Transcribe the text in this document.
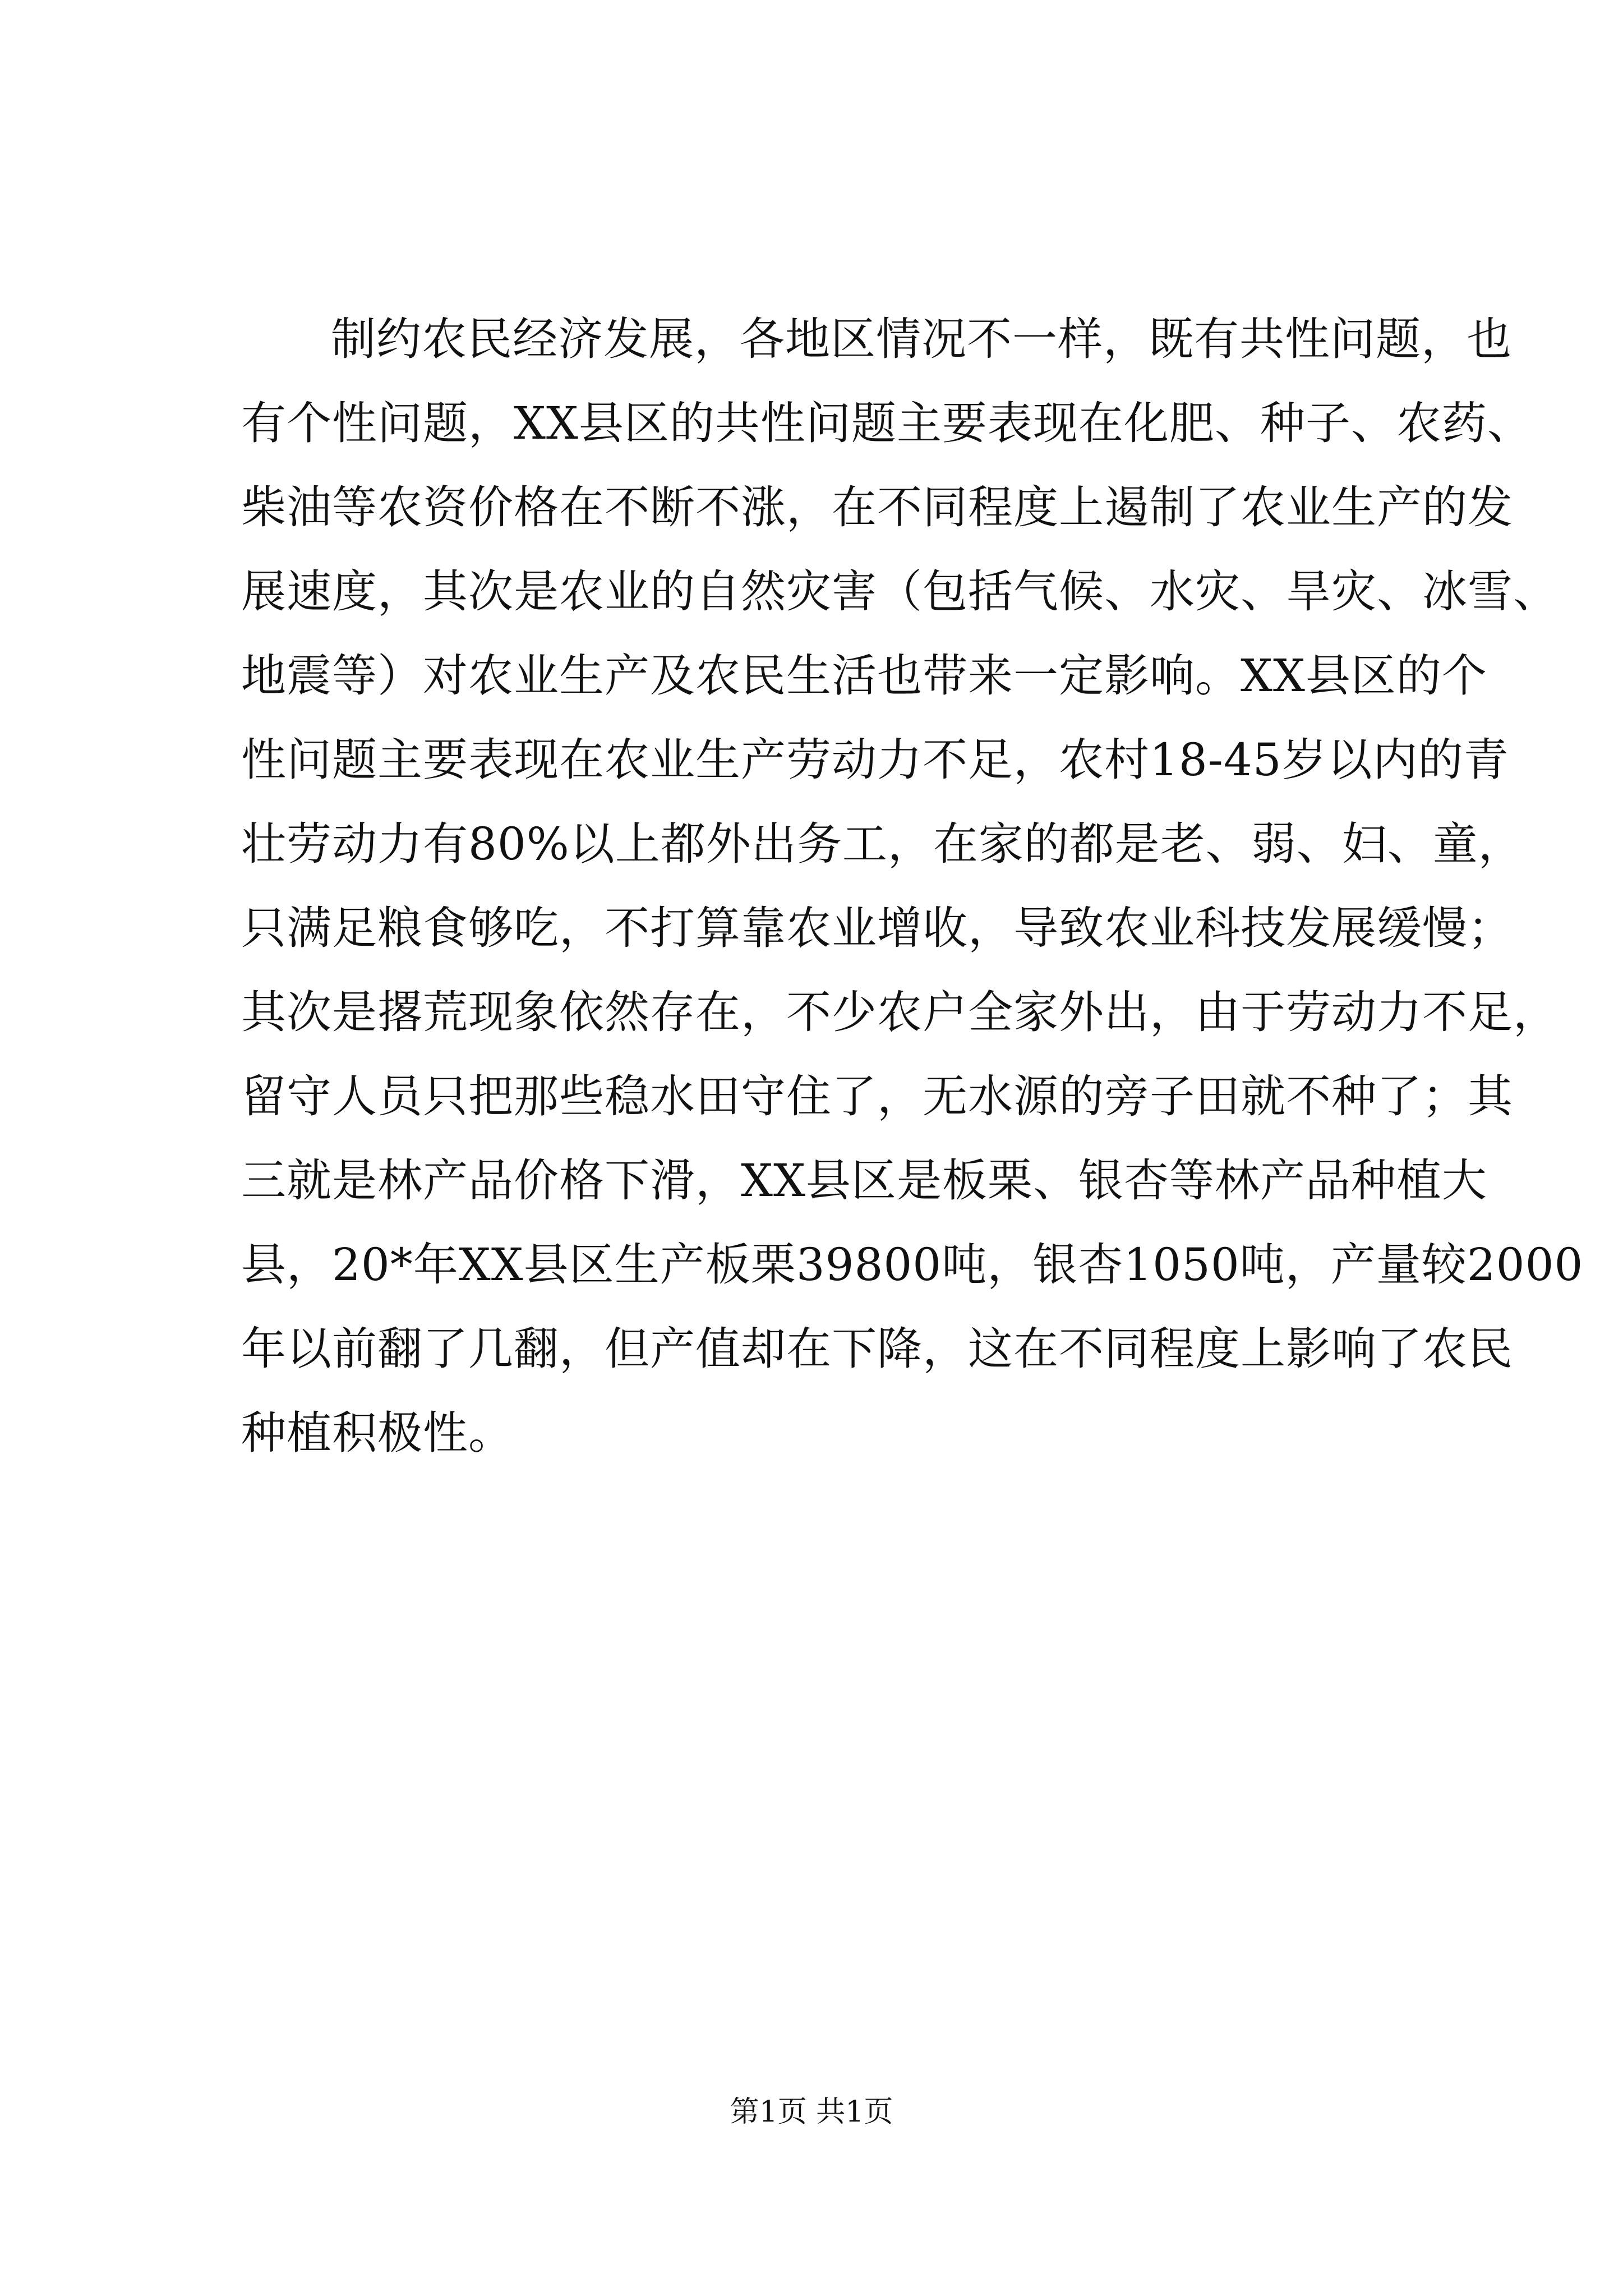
制约农民经济发展，各地区情况不一样，既有共性问题，也
有个性问题，XX县区的共性问题主要表现在化肥、种子、农药、
柴油等农资价格在不断不涨，在不同程度上遏制了农业生产的发
展速度，其次是农业的自然灾害（包括气候、水灾、旱灾、冰雪、
地震等）对农业生产及农民生活也带来一定影响。XX县区的个
性问题主要表现在农业生产劳动力不足，农村18-45岁以内的青
壮劳动力有80%以上都外出务工，在家的都是老、弱、妇、童，
只满足粮食够吃，不打算靠农业增收，导致农业科技发展缓慢；
其次是撂荒现象依然存在，不少农户全家外出，由于劳动力不足，
留守人员只把那些稳水田守住了，无水源的旁子田就不种了；其
三就是林产品价格下滑，XX县区是板栗、银杏等林产品种植大
县，20*年XX县区生产板栗39800吨，银杏1050吨，产量较2000
年以前翻了几翻，但产值却在下降，这在不同程度上影响了农民
种植积极性。
第1页 共1页
